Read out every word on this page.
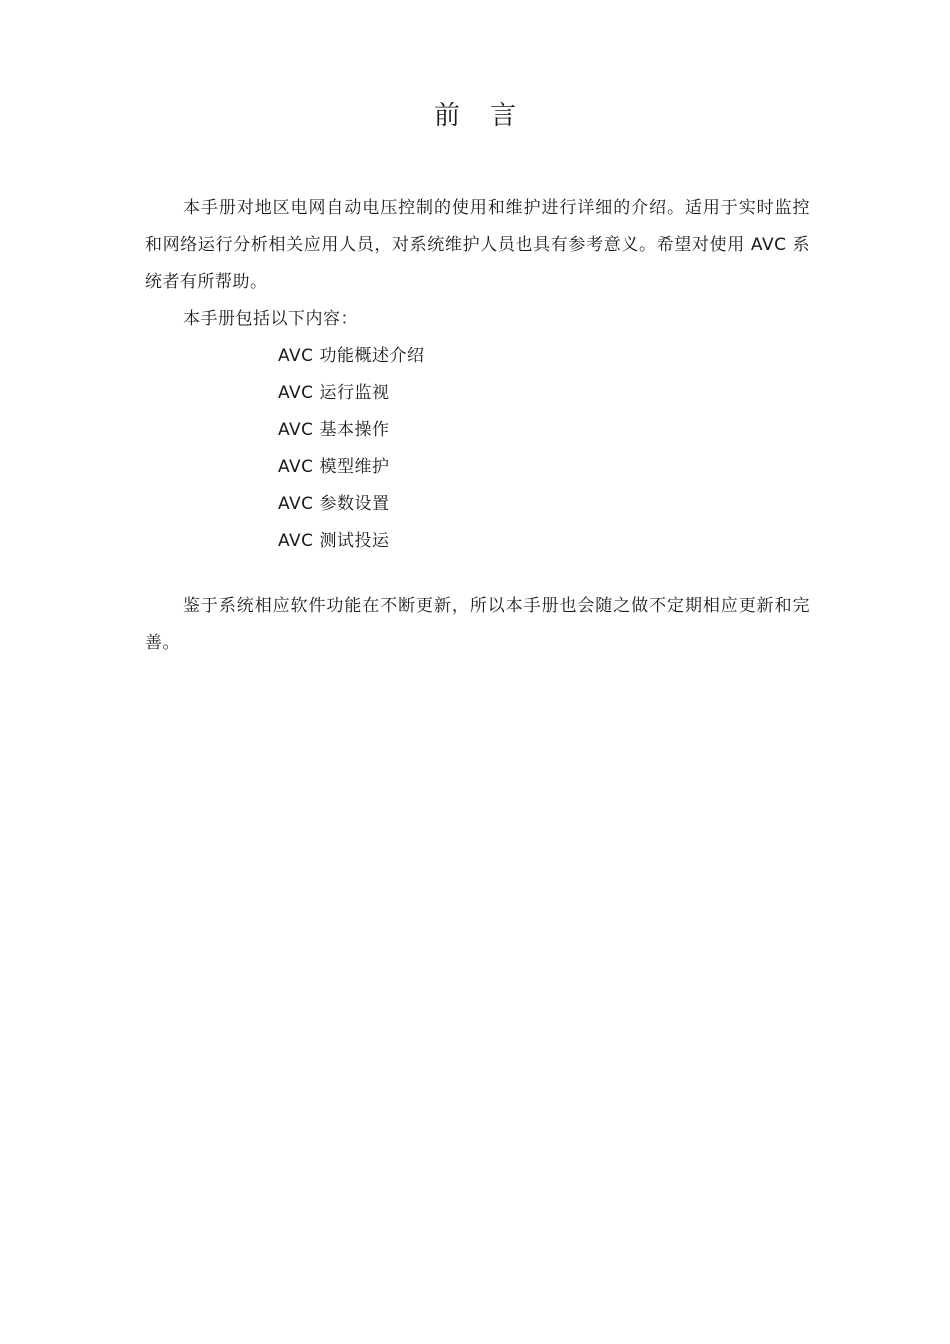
前言

本手册对地区电网自动电压控制的使用和维护进行详细的介绍。适用于实时监控和网络运行分析相关应用人员，对系统维护人员也具有参考意义。希望对使用 AVC 系统者有所帮助。

本手册包括以下内容：

AVC 功能概述介绍
AVC 运行监视
AVC 基本操作
AVC 模型维护
AVC 参数设置
AVC 测试投运

鉴于系统相应软件功能在不断更新，所以本手册也会随之做不定期相应更新和完善。
